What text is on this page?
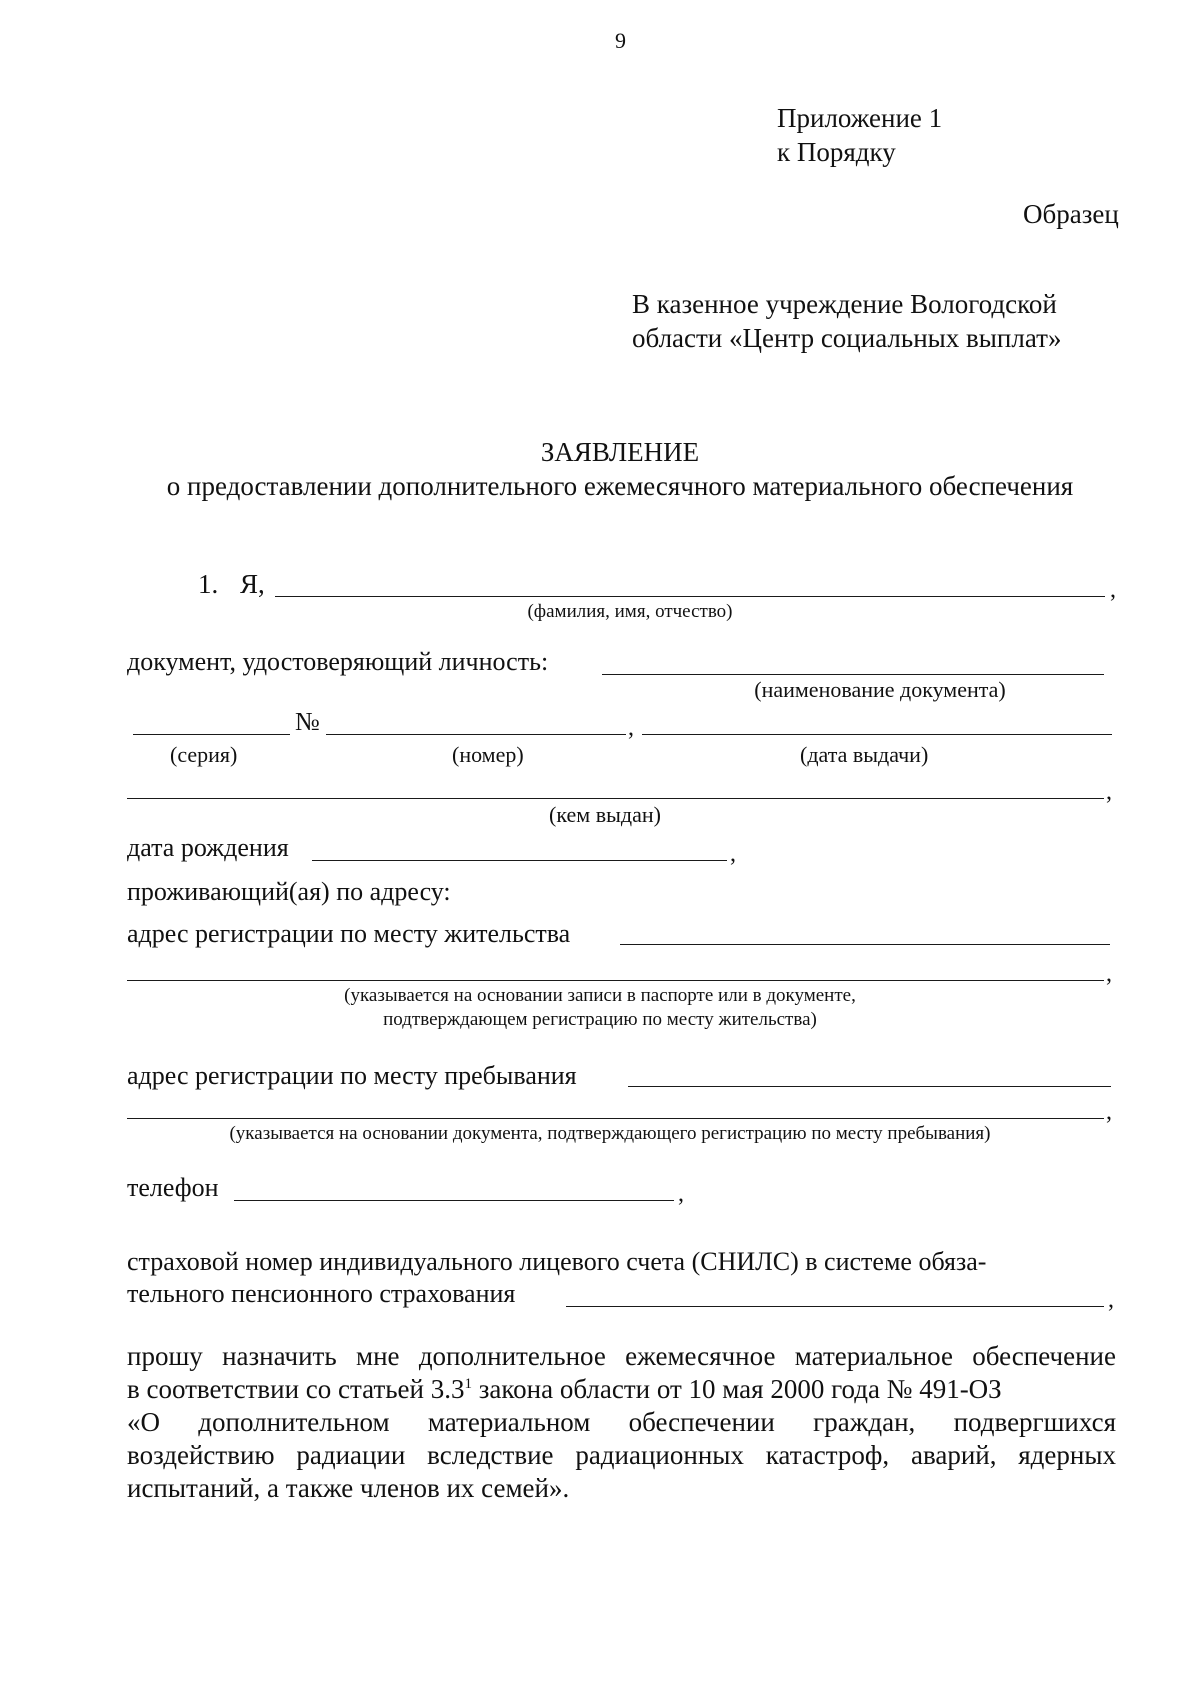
9
Приложение 1
к Порядку
Образец
В казенное учреждение Вологодской
области «Центр социальных выплат»
ЗАЯВЛЕНИЕ
о предоставлении дополнительного ежемесячного материального обеспечения
1. Я,	,
(фамилия, имя, отчество)
документ, удостоверяющий личность:
(наименование документа)
№	,
(серия)	(номер)	(дата выдачи)
,
(кем выдан)
дата рождения	,
проживающий(ая) по адресу:
адрес регистрации по месту жительства
,
(указывается на основании записи в паспорте или в документе,
подтверждающем регистрацию по месту жительства)
адрес регистрации по месту пребывания
,
(указывается на основании документа, подтверждающего регистрацию по месту пребывания)
телефон	,
страховой номер индивидуального лицевого счета (СНИЛС) в системе обяза-
тельного пенсионного страхования	,
прошу назначить мне дополнительное ежемесячное материальное обеспечение
в соответствии со статьей $3.3^1$ закона области от 10 мая 2000 года № 491-ОЗ
«О дополнительном материальном обеспечении граждан, подвергшихся
воздействию радиации вследствие радиационных катастроф, аварий, ядерных
испытаний, а также членов их семей».
